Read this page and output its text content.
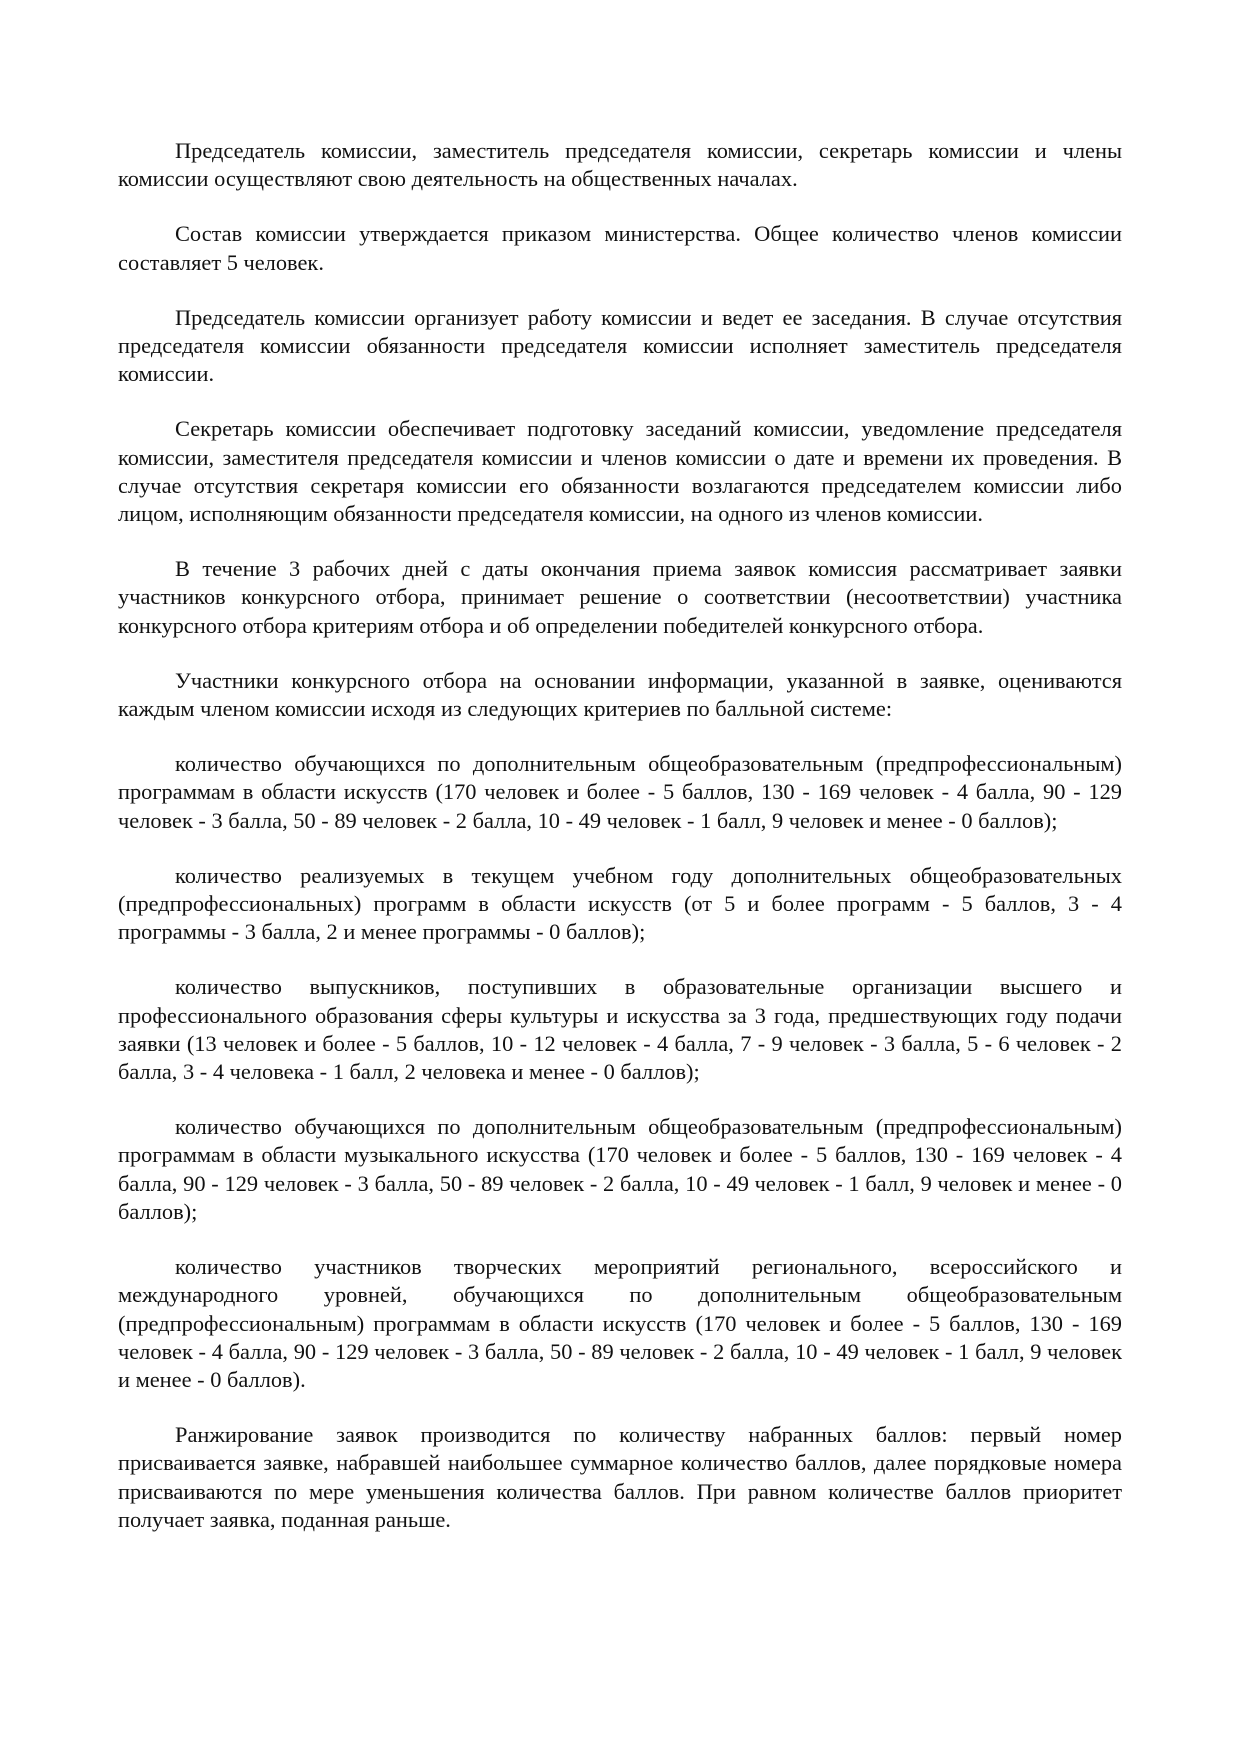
Председатель комиссии, заместитель председателя комиссии, секретарь комиссии и члены комиссии осуществляют свою деятельность на общественных началах.

Состав комиссии утверждается приказом министерства. Общее количество членов комиссии составляет 5 человек.

Председатель комиссии организует работу комиссии и ведет ее заседания. В случае отсутствия председателя комиссии обязанности председателя комиссии исполняет заместитель председателя комиссии.

Секретарь комиссии обеспечивает подготовку заседаний комиссии, уведомление председателя комиссии, заместителя председателя комиссии и членов комиссии о дате и времени их проведения. В случае отсутствия секретаря комиссии его обязанности возлагаются председателем комиссии либо лицом, исполняющим обязанности председателя комиссии, на одного из членов комиссии.

В течение 3 рабочих дней с даты окончания приема заявок комиссия рассматривает заявки участников конкурсного отбора, принимает решение о соответствии (несоответствии) участника конкурсного отбора критериям отбора и об определении победителей конкурсного отбора.

Участники конкурсного отбора на основании информации, указанной в заявке, оцениваются каждым членом комиссии исходя из следующих критериев по балльной системе:

количество обучающихся по дополнительным общеобразовательным (предпрофессиональным) программам в области искусств (170 человек и более - 5 баллов, 130 - 169 человек - 4 балла, 90 - 129 человек - 3 балла, 50 - 89 человек - 2 балла, 10 - 49 человек - 1 балл, 9 человек и менее - 0 баллов);

количество реализуемых в текущем учебном году дополнительных общеобразовательных (предпрофессиональных) программ в области искусств (от 5 и более программ - 5 баллов, 3 - 4 программы - 3 балла, 2 и менее программы - 0 баллов);

количество выпускников, поступивших в образовательные организации высшего и профессионального образования сферы культуры и искусства за 3 года, предшествующих году подачи заявки (13 человек и более - 5 баллов, 10 - 12 человек - 4 балла, 7 - 9 человек - 3 балла, 5 - 6 человек - 2 балла, 3 - 4 человека - 1 балл, 2 человека и менее - 0 баллов);

количество обучающихся по дополнительным общеобразовательным (предпрофессиональным) программам в области музыкального искусства (170 человек и более - 5 баллов, 130 - 169 человек - 4 балла, 90 - 129 человек - 3 балла, 50 - 89 человек - 2 балла, 10 - 49 человек - 1 балл, 9 человек и менее - 0 баллов);

количество участников творческих мероприятий регионального, всероссийского и международного уровней, обучающихся по дополнительным общеобразовательным (предпрофессиональным) программам в области искусств (170 человек и более - 5 баллов, 130 - 169 человек - 4 балла, 90 - 129 человек - 3 балла, 50 - 89 человек - 2 балла, 10 - 49 человек - 1 балл, 9 человек и менее - 0 баллов).

Ранжирование заявок производится по количеству набранных баллов: первый номер присваивается заявке, набравшей наибольшее суммарное количество баллов, далее порядковые номера присваиваются по мере уменьшения количества баллов. При равном количестве баллов приоритет получает заявка, поданная раньше.
